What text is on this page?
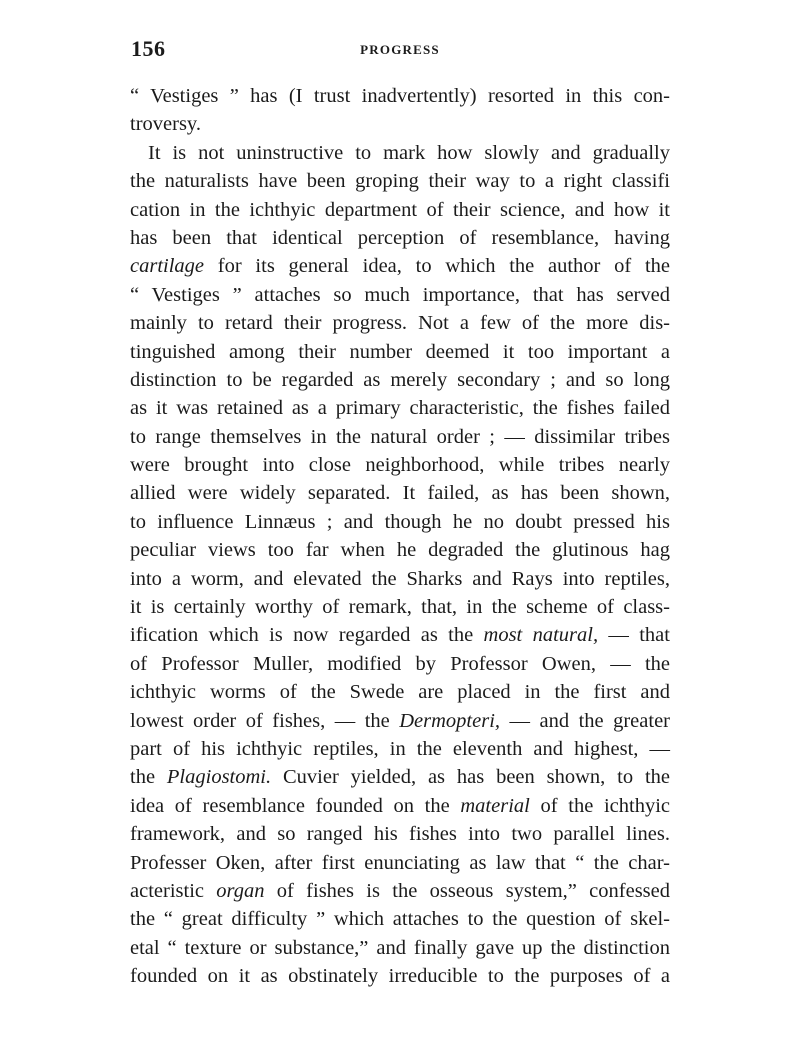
156	PROGRESS
“ Vestiges ” has (I trust inadvertently) resorted in this con-
troversy.
It is not uninstructive to mark how slowly and gradually
the naturalists have been groping their way to a right classifi
cation in the ichthyic department of their science, and how it
has been that identical perception of resemblance, having
cartilage for its general idea, to which the author of the
“ Vestiges ” attaches so much importance, that has served
mainly to retard their progress. Not a few of the more dis-
tinguished among their number deemed it too important a
distinction to be regarded as merely secondary ; and so long
as it was retained as a primary characteristic, the fishes failed
to range themselves in the natural order ; — dissimilar tribes
were brought into close neighborhood, while tribes nearly
allied were widely separated. It failed, as has been shown,
to influence Linnæus ; and though he no doubt pressed his
peculiar views too far when he degraded the glutinous hag
into a worm, and elevated the Sharks and Rays into reptiles,
it is certainly worthy of remark, that, in the scheme of class-
ification which is now regarded as the most natural, — that
of Professor Muller, modified by Professor Owen, — the
ichthyic worms of the Swede are placed in the first and
lowest order of fishes, — the Dermopteri, — and the greater
part of his ichthyic reptiles, in the eleventh and highest, —
the Plagiostomi. Cuvier yielded, as has been shown, to the
idea of resemblance founded on the material of the ichthyic
framework, and so ranged his fishes into two parallel lines.
Professer Oken, after first enunciating as law that “ the char-
acteristic organ of fishes is the osseous system,” confessed
the “ great difficulty ” which attaches to the question of skel-
etal “ texture or substance,” and finally gave up the distinction
founded on it as obstinately irreducible to the purposes of a
